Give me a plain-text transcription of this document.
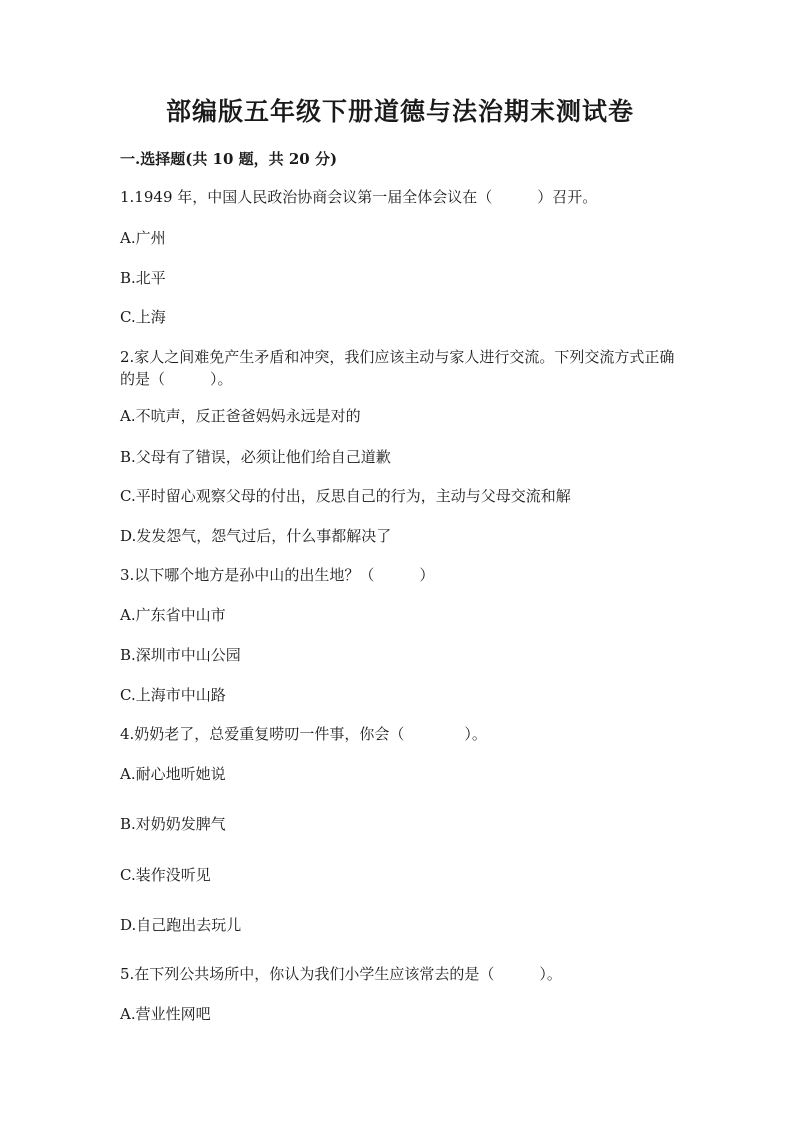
部编版五年级下册道德与法治期末测试卷
一.选择题(共 10 题，共 20 分)
1.1949 年，中国人民政治协商会议第一届全体会议在（　　　）召开。
A.广州
B.北平
C.上海
2.家人之间难免产生矛盾和冲突，我们应该主动与家人进行交流。下列交流方式正确的是（　　　）。
A.不吭声，反正爸爸妈妈永远是对的
B.父母有了错误，必须让他们给自己道歉
C.平时留心观察父母的付出，反思自己的行为，主动与父母交流和解
D.发发怨气，怨气过后，什么事都解决了
3.以下哪个地方是孙中山的出生地？（　　　）
A.广东省中山市
B.深圳市中山公园
C.上海市中山路
4.奶奶老了，总爱重复唠叨一件事，你会（　　　　）。
A.耐心地听她说
B.对奶奶发脾气
C.装作没听见
D.自己跑出去玩儿
5.在下列公共场所中，你认为我们小学生应该常去的是（　　　）。
A.营业性网吧
